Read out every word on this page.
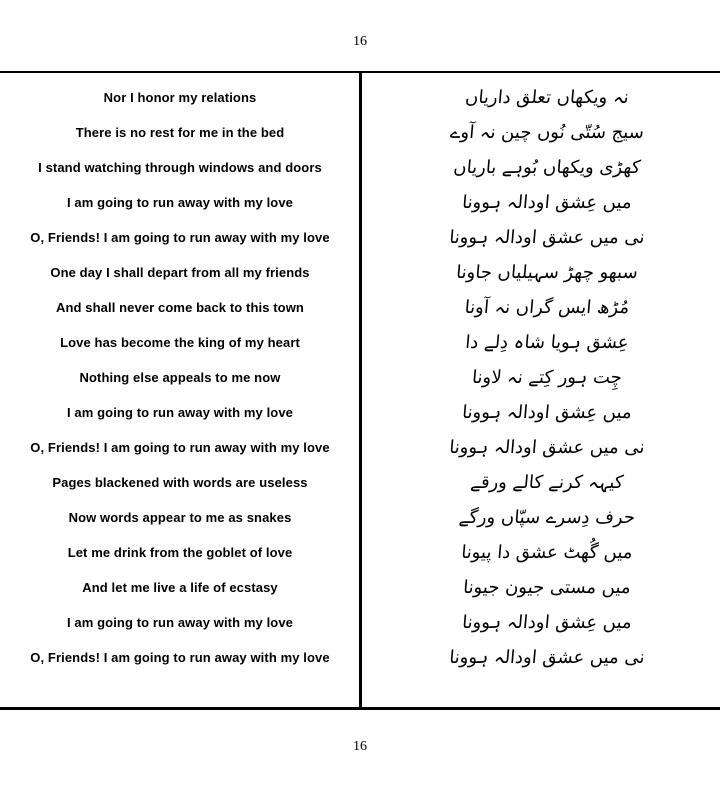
16
Nor I honor my relations	نہ ویکھاں تعلق داریاں
There is no rest for me in the bed	سیج سُتّی نُوں چین نہ آوے
I stand watching through windows and doors	کھڑی ویکھاں بُوہے باریاں
I am going to run away with my love	میں عِشق اودالہ ہوونا
O, Friends! I am going to run away with my love	نی میں عشق اودالہ ہوونا
One day I shall depart from all my friends	سبھو چھڑ سہیلیاں جاونا
And shall never come back to this town	مُڑھ ایس گراں نہ آونا
Love has become the king of my heart	عِشق ہویا شاہ دِلے دا
Nothing else appeals to me now	چِت ہور کِتے نہ لاونا
I am going to run away with my love	میں عِشق اودالہ ہوونا
O, Friends! I am going to run away with my love	نی میں عشق اودالہ ہوونا
Pages blackened with words are useless	کیہہ کرنے کالے ورقے
Now words appear to me as snakes	حرف دِسرے سپّاں ورگے
Let me drink from the goblet of love	میں گُھٹ عشق دا پیونا
And let me live a life of ecstasy	میں مستی جیون جیونا
I am going to run away with my love	میں عِشق اودالہ ہوونا
O, Friends! I am going to run away with my love	نی میں عشق اودالہ ہوونا
16
